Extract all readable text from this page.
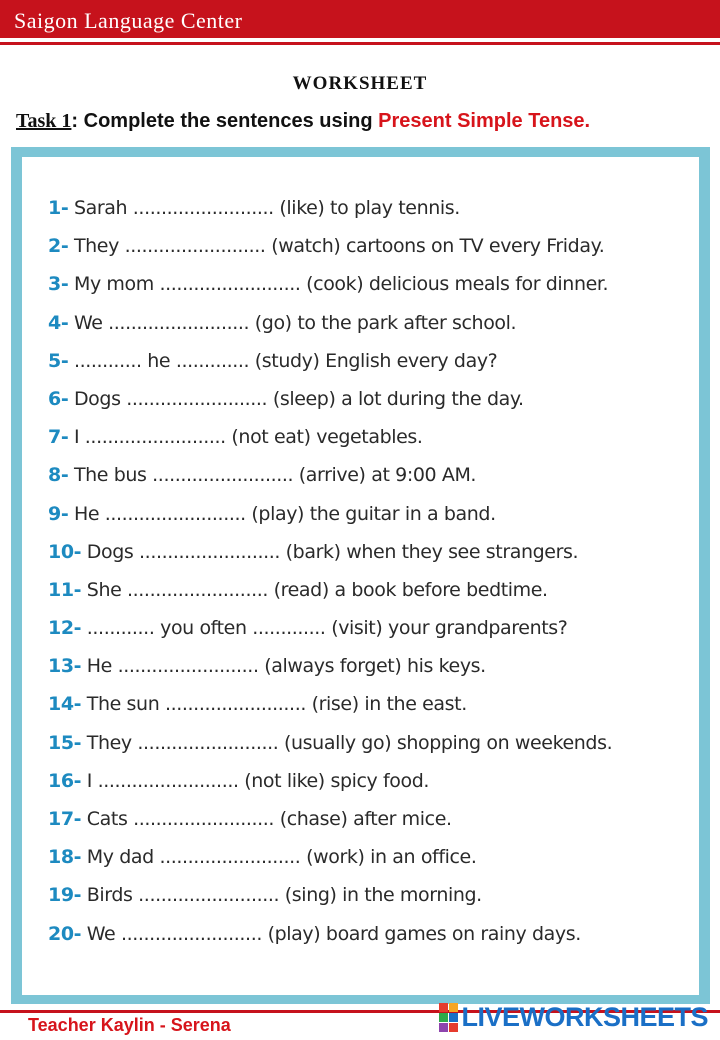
Saigon Language Center
WORKSHEET
Task 1: Complete the sentences using Present Simple Tense.
1- Sarah ......................... (like) to play tennis.
2- They ......................... (watch) cartoons on TV every Friday.
3- My mom ......................... (cook) delicious meals for dinner.
4- We ......................... (go) to the park after school.
5- ............ he ............. (study) English every day?
6- Dogs ......................... (sleep) a lot during the day.
7- I ......................... (not eat) vegetables.
8- The bus ......................... (arrive) at 9:00 AM.
9- He ......................... (play) the guitar in a band.
10- Dogs ......................... (bark) when they see strangers.
11- She ......................... (read) a book before bedtime.
12- ............ you often ............. (visit) your grandparents?
13- He ......................... (always forget) his keys.
14- The sun ......................... (rise) in the east.
15- They ......................... (usually go) shopping on weekends.
16- I ......................... (not like) spicy food.
17- Cats ......................... (chase) after mice.
18- My dad ......................... (work) in an office.
19- Birds ......................... (sing) in the morning.
20- We ......................... (play) board games on rainy days.
Teacher Kaylin - Serena	LIVEWORKSHEETS
